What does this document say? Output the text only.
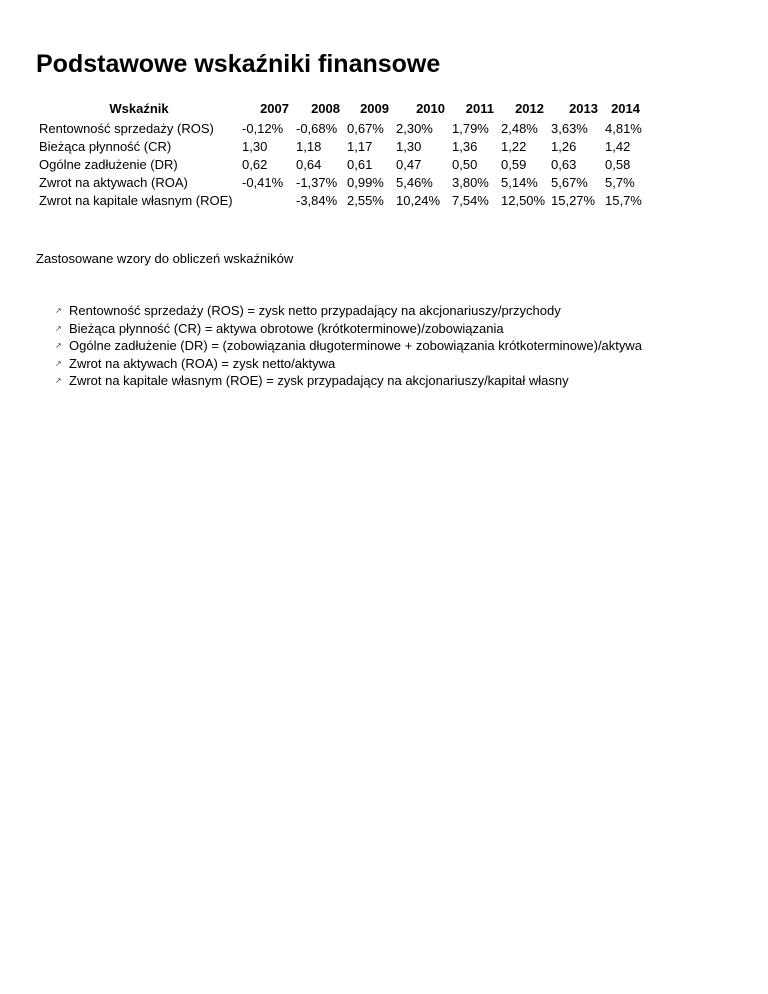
Podstawowe wskaźniki finansowe
Wskaźnik	2007	2008	2009	2010	2011	2012	2013	2014
Rentowność sprzedaży (ROS)	-0,12%	-0,68%	0,67%	2,30%	1,79%	2,48%	3,63%	4,81%
Bieżąca płynność (CR)	1,30	1,18	1,17	1,30	1,36	1,22	1,26	1,42
Ogólne zadłużenie (DR)	0,62	0,64	0,61	0,47	0,50	0,59	0,63	0,58
Zwrot na aktywach (ROA)	-0,41%	-1,37%	0,99%	5,46%	3,80%	5,14%	5,67%	5,7%
Zwrot na kapitale własnym (ROE)		-3,84%	2,55%	10,24%	7,54%	12,50%	15,27%	15,7%
Zastosowane wzory do obliczeń wskaźników
↗ Rentowność sprzedaży (ROS) = zysk netto przypadający na akcjonariuszy/przychody
↗ Bieżąca płynność (CR) = aktywa obrotowe (krótkoterminowe)/zobowiązania
↗ Ogólne zadłużenie (DR) = (zobowiązania długoterminowe + zobowiązania krótkoterminowe)/aktywa
↗ Zwrot na aktywach (ROA) = zysk netto/aktywa
↗ Zwrot na kapitale własnym (ROE) = zysk przypadający na akcjonariuszy/kapitał własny
